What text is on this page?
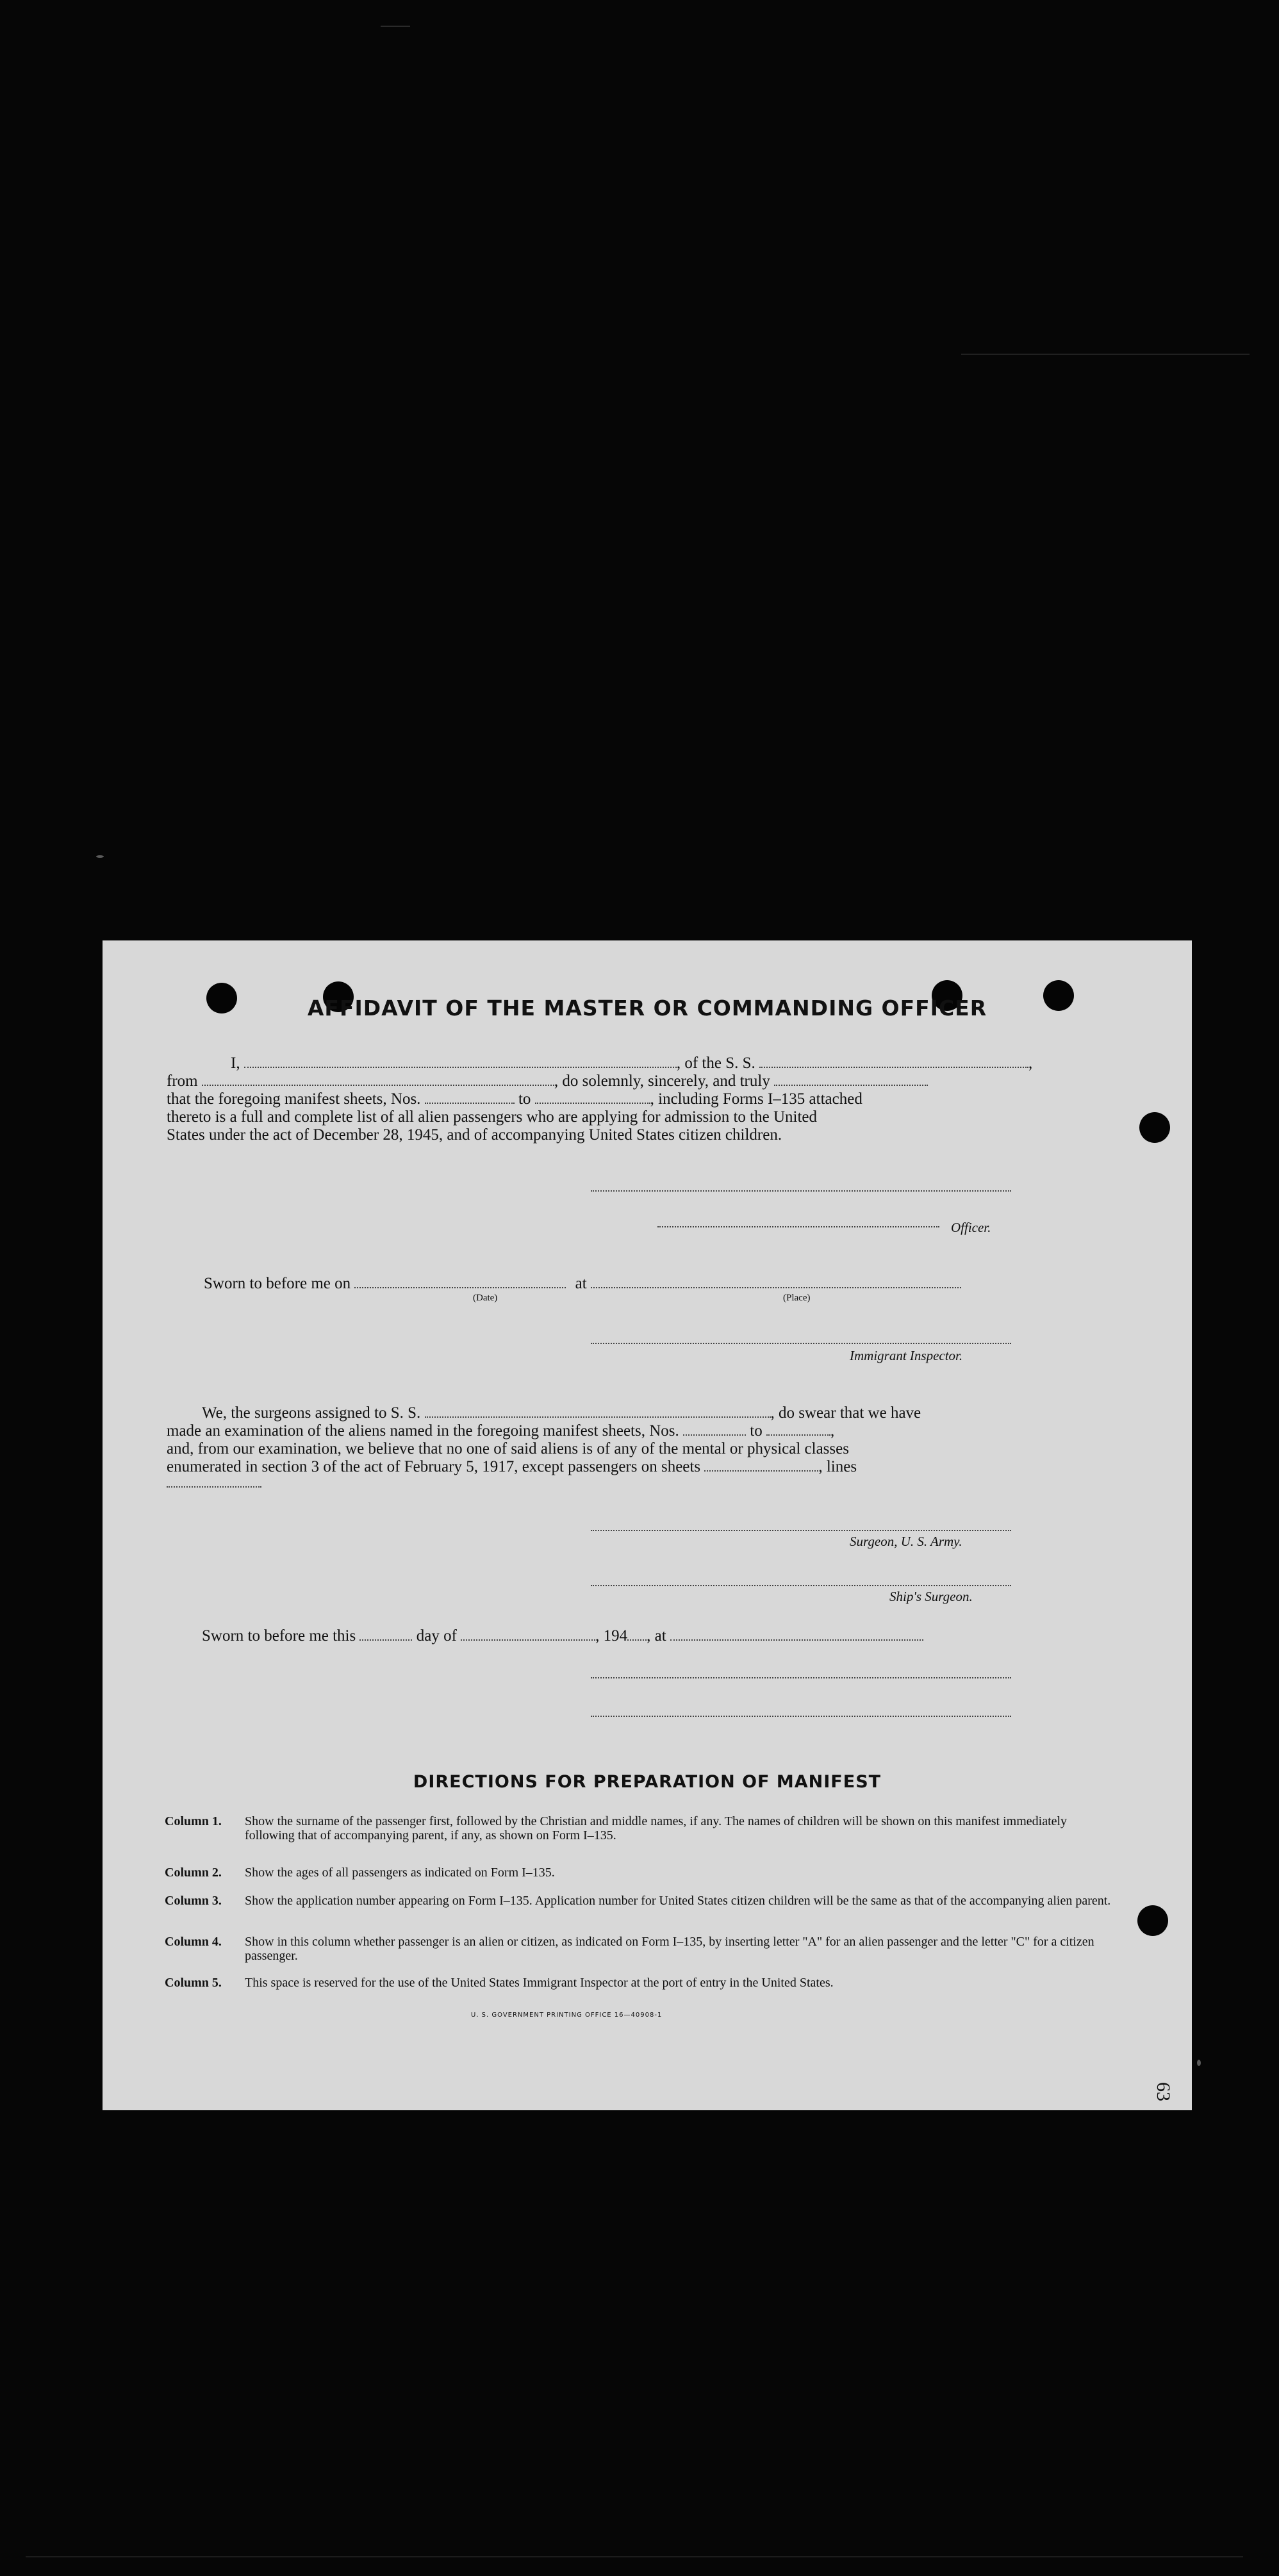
AFFIDAVIT OF THE MASTER OR COMMANDING OFFICER
I,	, of the S. S.	,
from	, do solemnly, sincerely, and truly
that the foregoing manifest sheets, Nos.	to	, including Forms I–135 attached
thereto is a full and complete list of all alien passengers who are applying for admission to the United
States under the act of December 28, 1945, and of accompanying United States citizen children.
Officer.
Sworn to before me on	at
(Date)	(Place)
Immigrant Inspector.
We, the surgeons assigned to S. S.	, do swear that we have
made an examination of the aliens named in the foregoing manifest sheets, Nos.	to	,
and, from our examination, we believe that no one of said aliens is of any of the mental or physical classes
enumerated in section 3 of the act of February 5, 1917, except passengers on sheets	, lines
Surgeon, U. S. Army.
Ship's Surgeon.
Sworn to before me this	day of	, 194 , at
DIRECTIONS FOR PREPARATION OF MANIFEST
Column 1. Show the surname of the passenger first, followed by the Christian and middle names, if any. The names of children will be shown on this manifest immediately following that of accompanying parent, if any, as shown on Form I–135.
Column 2. Show the ages of all passengers as indicated on Form I–135.
Column 3. Show the application number appearing on Form I–135. Application number for United States citizen children will be the same as that of the accompanying alien parent.
Column 4. Show in this column whether passenger is an alien or citizen, as indicated on Form I–135, by inserting letter "A" for an alien passenger and the letter "C" for a citizen passenger.
Column 5. This space is reserved for the use of the United States Immigrant Inspector at the port of entry in the United States.
U. S. GOVERNMENT PRINTING OFFICE 16—40908-1
63
